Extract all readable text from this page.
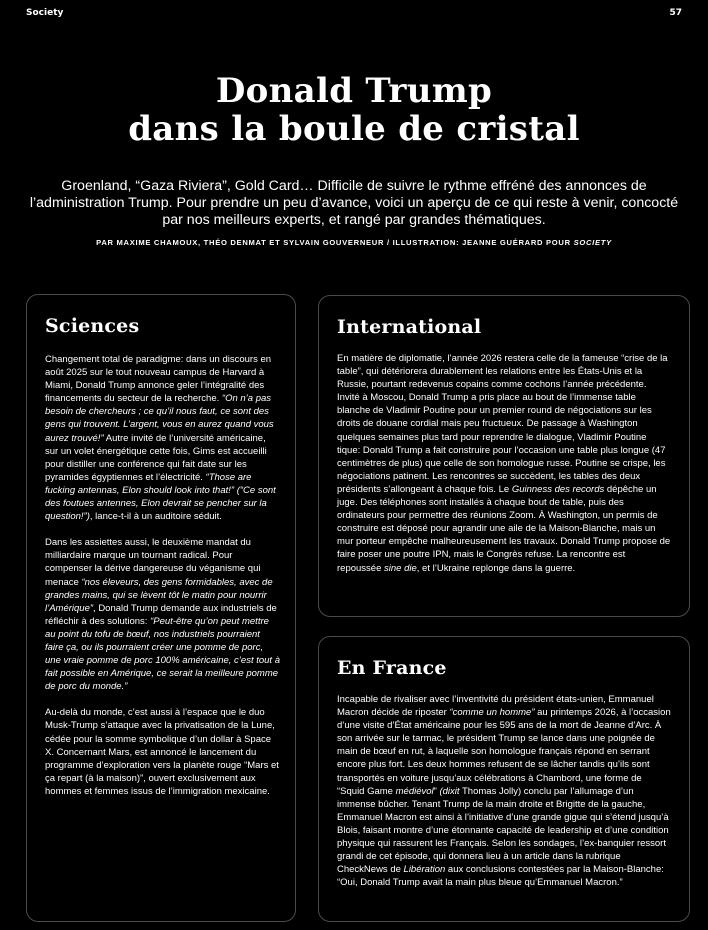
Society	57
Donald Trump
dans la boule de cristal
Groenland, “Gaza Riviera”, Gold Card… Difficile de suivre le rythme effréné des annonces de l’administration Trump. Pour prendre un peu d’avance, voici un aperçu de ce qui reste à venir, concocté par nos meilleurs experts, et rangé par grandes thématiques.
PAR MAXIME CHAMOUX, THÉO DENMAT ET SYLVAIN GOUVERNEUR / ILLUSTRATION: JEANNE GUÉRARD POUR SOCIETY
Sciences

Changement total de paradigme: dans un discours en août 2025 sur le tout nouveau campus de Harvard à Miami, Donald Trump annonce geler l’intégralité des financements du secteur de la recherche. “On n’a pas besoin de chercheurs ; ce qu’il nous faut, ce sont des gens qui trouvent. L’argent, vous en aurez quand vous aurez trouvé!” Autre invité de l’université américaine, sur un volet énergétique cette fois, Gims est accueilli pour distiller une conférence qui fait date sur les pyramides égyptiennes et l’électricité. “Those are fucking antennas, Elon should look into that!” (“Ce sont des foutues antennes, Elon devrait se pencher sur la question!”), lance-t-il à un auditoire séduit.

Dans les assiettes aussi, le deuxième mandat du milliardaire marque un tournant radical. Pour compenser la dérive dangereuse du véganisme qui menace “nos éleveurs, des gens formidables, avec de grandes mains, qui se lèvent tôt le matin pour nourrir l’Amérique”, Donald Trump demande aux industriels de réfléchir à des solutions: “Peut-être qu’on peut mettre au point du tofu de bœuf, nos industriels pourraient faire ça, ou ils pourraient créer une pomme de porc, une vraie pomme de porc 100% américaine, c’est tout à fait possible en Amérique, ce serait la meilleure pomme de porc du monde.”

Au-delà du monde, c’est aussi à l’espace que le duo Musk-Trump s’attaque avec la privatisation de la Lune, cédée pour la somme symbolique d’un dollar à Space X. Concernant Mars, est annoncé le lancement du programme d’exploration vers la planète rouge “Mars et ça repart (à la maison)”, ouvert exclusivement aux hommes et femmes issus de l’immigration mexicaine.

International

En matière de diplomatie, l’année 2026 restera celle de la fameuse “crise de la table”, qui détériorera durablement les relations entre les États-Unis et la Russie, pourtant redevenus copains comme cochons l’année précédente. Invité à Moscou, Donald Trump a pris place au bout de l’immense table blanche de Vladimir Poutine pour un premier round de négociations sur les droits de douane cordial mais peu fructueux. De passage à Washington quelques semaines plus tard pour reprendre le dialogue, Vladimir Poutine tique: Donald Trump a fait construire pour l’occasion une table plus longue (47 centimètres de plus) que celle de son homologue russe. Poutine se crispe, les négociations patinent. Les rencontres se succèdent, les tables des deux présidents s’allongeant à chaque fois. Le Guinness des records dépêche un juge. Des téléphones sont installés à chaque bout de table, puis des ordinateurs pour permettre des réunions Zoom. À Washington, un permis de construire est déposé pour agrandir une aile de la Maison-Blanche, mais un mur porteur empêche malheureusement les travaux. Donald Trump propose de faire poser une poutre IPN, mais le Congrès refuse. La rencontre est repoussée sine die, et l’Ukraine replonge dans la guerre.

En France

Incapable de rivaliser avec l’inventivité du président états-unien, Emmanuel Macron décide de riposter “comme un homme” au printemps 2026, à l’occasion d’une visite d’État américaine pour les 595 ans de la mort de Jeanne d’Arc. À son arrivée sur le tarmac, le président Trump se lance dans une poignée de main de bœuf en rut, à laquelle son homologue français répond en serrant encore plus fort. Les deux hommes refusent de se lâcher tandis qu’ils sont transportés en voiture jusqu’aux célébrations à Chambord, une forme de “Squid Game médiévol” (dixit Thomas Jolly) conclu par l’allumage d’un immense bûcher. Tenant Trump de la main droite et Brigitte de la gauche, Emmanuel Macron est ainsi à l’initiative d’une grande gigue qui s’étend jusqu’à Blois, faisant montre d’une étonnante capacité de leadership et d’une condition physique qui rassurent les Français. Selon les sondages, l’ex-banquier ressort grandi de cet épisode, qui donnera lieu à un article dans la rubrique CheckNews de Libération aux conclusions contestées par la Maison-Blanche: “Oui, Donald Trump avait la main plus bleue qu’Emmanuel Macron.”
